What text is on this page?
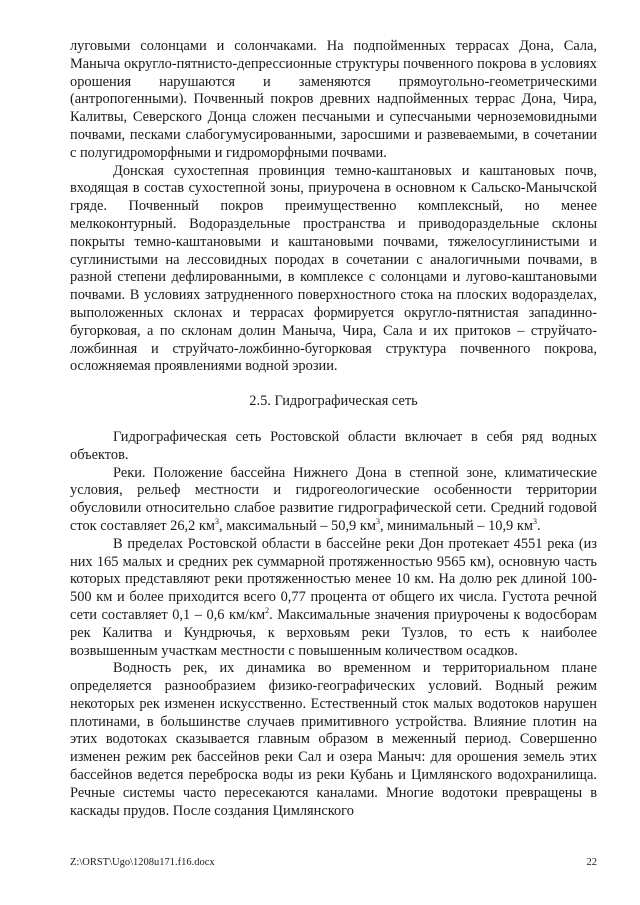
луговыми солонцами и солончаками. На подпойменных террасах Дона, Сала, Маныча округло-пятнисто-депрессионные структуры почвенного покрова в условиях орошения нарушаются и заменяются прямоугольно-геометрическими (антропогенными). Почвенный покров древних надпойменных террас Дона, Чира, Калитвы, Северского Донца сложен песчаными и супесчаными черноземовидными почвами, песками слабогумусированными, заросшими и развеваемыми, в сочетании с полугидроморфными и гидроморфными почвами.

Донская сухостепная провинция темно-каштановых и каштановых почв, входящая в состав сухостепной зоны, приурочена в основном к Сальско-Манычской гряде. Почвенный покров преимущественно комплексный, но менее мелкоконтурный. Водораздельные пространства и приводораздельные склоны покрыты темно-каштановыми и каштановыми почвами, тяжелосуглинистыми и суглинистыми на лессовидных породах в сочетании с аналогичными почвами, в разной степени дефлированными, в комплексе с солонцами и лугово-каштановыми почвами. В условиях затрудненного поверхностного стока на плоских водоразделах, выположенных склонах и террасах формируется округло-пятнистая западинно-бугорковая, а по склонам долин Маныча, Чира, Сала и их притоков – струйчато-ложбинная и струйчато-ложбинно-бугорковая структура почвенного покрова, осложняемая проявлениями водной эрозии.

2.5. Гидрографическая сеть

Гидрографическая сеть Ростовской области включает в себя ряд водных объектов.

Реки. Положение бассейна Нижнего Дона в степной зоне, климатические условия, рельеф местности и гидрогеологические особенности территории обусловили относительно слабое развитие гидрографической сети. Средний годовой сток составляет 26,2 $км^3$, максимальный – 50,9 $км^3$, минимальный – 10,9 $км^3$.

В пределах Ростовской области в бассейне реки Дон протекает 4551 река (из них 165 малых и средних рек суммарной протяженностью 9565 км), основную часть которых представляют реки протяженностью менее 10 км. На долю рек длиной 100-500 км и более приходится всего 0,77 процента от общего их числа. Густота речной сети составляет 0,1 – 0,6 $км/км^2$. Максимальные значения приурочены к водосборам рек Калитва и Кундрючья, к верховьям реки Тузлов, то есть к наиболее возвышенным участкам местности с повышенным количеством осадков.

Водность рек, их динамика во временном и территориальном плане определяется разнообразием физико-географических условий. Водный режим некоторых рек изменен искусственно. Естественный сток малых водотоков нарушен плотинами, в большинстве случаев примитивного устройства. Влияние плотин на этих водотоках сказывается главным образом в меженный период. Совершенно изменен режим рек бассейнов реки Сал и озера Маныч: для орошения земель этих бассейнов ведется переброска воды из реки Кубань и Цимлянского водохранилища. Речные системы часто пересекаются каналами. Многие водотоки превращены в каскады прудов. После создания Цимлянского

Z:\ORST\Ugo\1208u171.f16.docx	22
